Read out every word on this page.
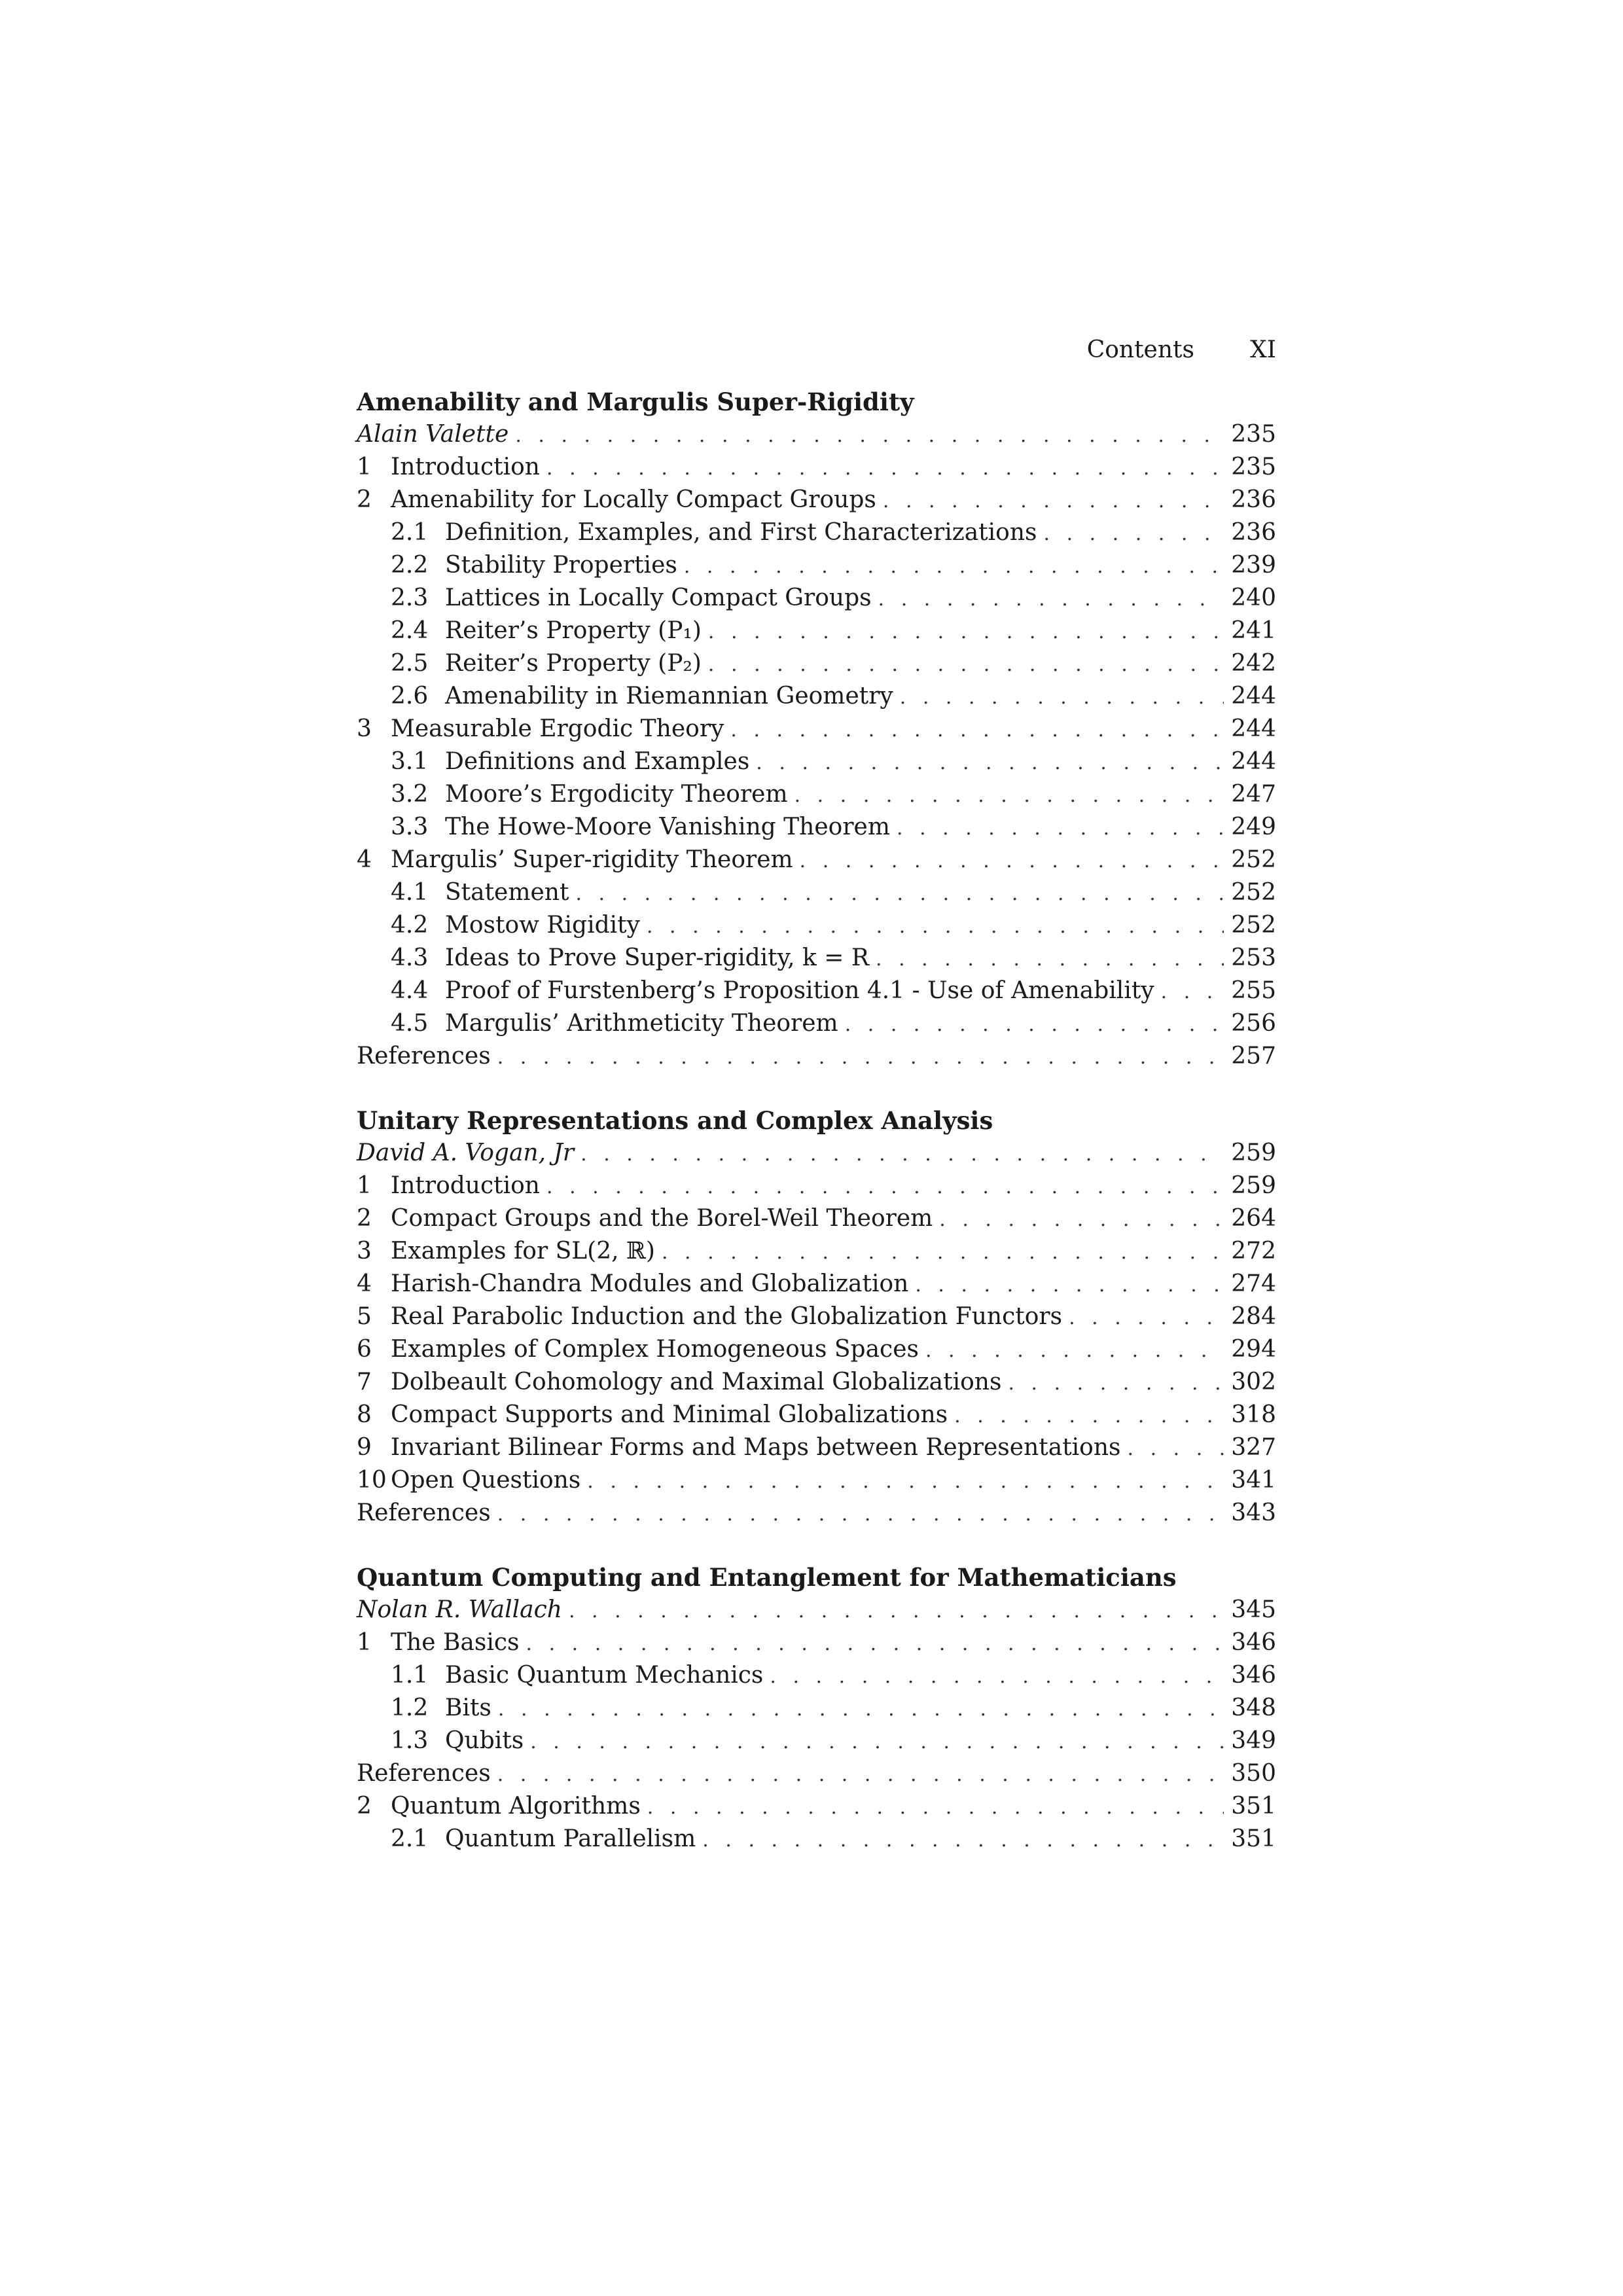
Contents XI
Amenability and Margulis Super-Rigidity
Alain Valette . . .	235
1 Introduction . . .	235
2 Amenability for Locally Compact Groups . . .	236
2.1 Definition, Examples, and First Characterizations . . .	236
2.2 Stability Properties . . .	239
2.3 Lattices in Locally Compact Groups . . .	240
2.4 Reiter’s Property (P₁) . . .	241
2.5 Reiter’s Property (P₂) . . .	242
2.6 Amenability in Riemannian Geometry . . .	244
3 Measurable Ergodic Theory . . .	244
3.1 Definitions and Examples . . .	244
3.2 Moore’s Ergodicity Theorem . . .	247
3.3 The Howe-Moore Vanishing Theorem . . .	249
4 Margulis’ Super-rigidity Theorem . . .	252
4.1 Statement . . .	252
4.2 Mostow Rigidity . . .	252
4.3 Ideas to Prove Super-rigidity, k = R . . .	253
4.4 Proof of Furstenberg’s Proposition 4.1 - Use of Amenability . . .	255
4.5 Margulis’ Arithmeticity Theorem . . .	256
References . . .	257
Unitary Representations and Complex Analysis
David A. Vogan, Jr . . .	259
1 Introduction . . .	259
2 Compact Groups and the Borel-Weil Theorem . . .	264
3 Examples for SL(2, ℝ) . . .	272
4 Harish-Chandra Modules and Globalization . . .	274
5 Real Parabolic Induction and the Globalization Functors . . .	284
6 Examples of Complex Homogeneous Spaces . . .	294
7 Dolbeault Cohomology and Maximal Globalizations . . .	302
8 Compact Supports and Minimal Globalizations . . .	318
9 Invariant Bilinear Forms and Maps between Representations . . .	327
10 Open Questions . . .	341
References . . .	343
Quantum Computing and Entanglement for Mathematicians
Nolan R. Wallach . . .	345
1 The Basics . . .	346
1.1 Basic Quantum Mechanics . . .	346
1.2 Bits . . .	348
1.3 Qubits . . .	349
References . . .	350
2 Quantum Algorithms . . .	351
2.1 Quantum Parallelism . . .	351
